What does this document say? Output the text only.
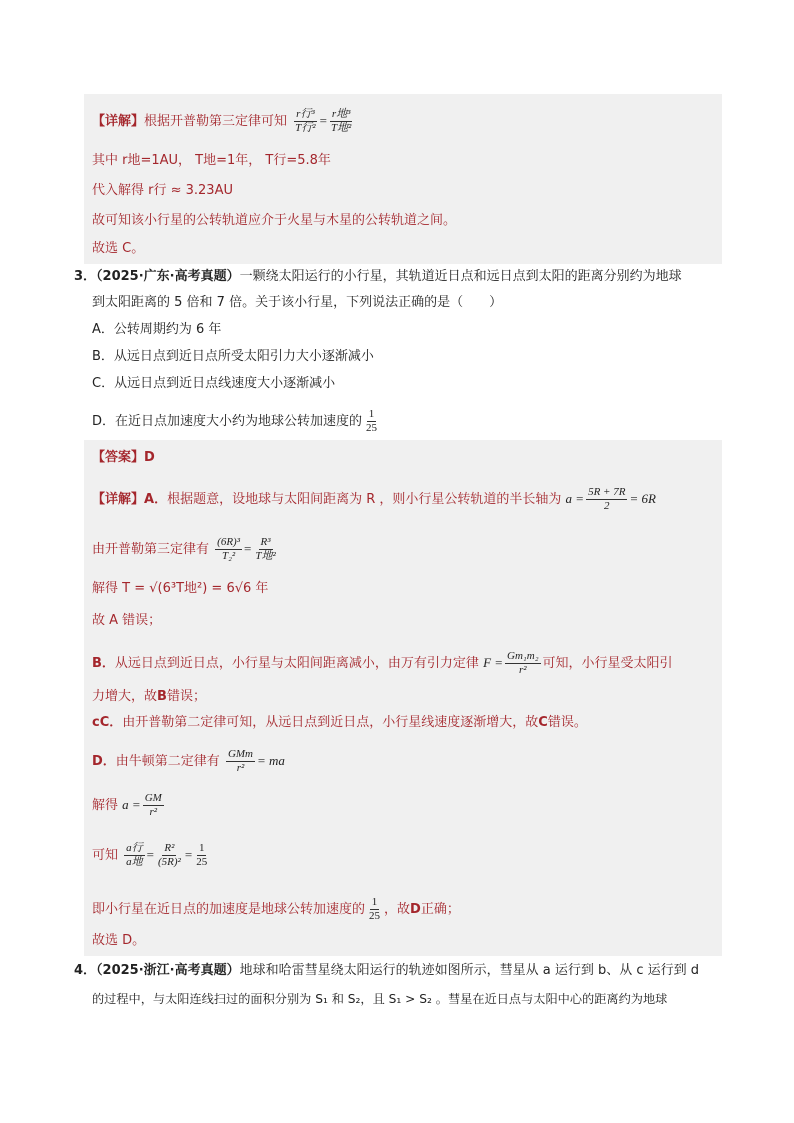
【详解】根据开普勒第三定律可知 $\frac{\text{r行³}}{\text{T行²}} = \frac{\text{r地³}}{\text{T地²}}$
其中 r地=1AU， T地=1年， T行=5.8年
代入解得 r行 ≈ 3.23AU
故可知该小行星的公转轨道应介于火星与木星的公转轨道之间。
故选 C。
3．（2025·广东·高考真题）一颗绕太阳运行的小行星，其轨道近日点和远日点到太阳的距离分别约为地球
到太阳距离的 5 倍和 7 倍。关于该小行星，下列说法正确的是（　　）
A．公转周期约为 6 年
B．从远日点到近日点所受太阳引力大小逐渐减小
C．从远日点到近日点线速度大小逐渐减小
D．在近日点加速度大小约为地球公转加速度的 $\frac{1}{25}$
【答案】D
【详解】A．根据题意，设地球与太阳间距离为 R ，则小行星公转轨道的半长轴为 $a = \frac{5R + 7R}{2} = 6R$
由开普勒第三定律有 $\frac{\text{(6R)³}}{\text{T₂²}} = \frac{\text{R³}}{\text{T地²}}$
解得 T = √(6³T地²) = 6√6 年
故 A 错误；
B．从远日点到近日点，小行星与太阳间距离减小，由万有引力定律 $F = \frac{\text{Gm₁m₂}}{\text{r²}}$ 可知，小行星受太阳引
力增大，故B错误；
cC．由开普勒第二定律可知，从远日点到近日点，小行星线速度逐渐增大，故C错误。
D．由牛顿第二定律有 $\frac{\text{GMm}}{\text{r²}}$ = ma
解得 $a = \frac{GM}{\text{r²}}$
可知 $\frac{\text{a行}}{\text{a地}} = \frac{\text{R²}}{\text{(5R)²}} = \frac{1}{25}$
即小行星在近日点的加速度是地球公转加速度的 $\frac{1}{25}$ ，故D正确；
故选 D。
4．（2025·浙江·高考真题）地球和哈雷彗星绕太阳运行的轨迹如图所示，彗星从 a 运行到 b、从 c 运行到 d
的过程中，与太阳连线扫过的面积分别为 S₁ 和 S₂，且 S₁ > S₂ 。彗星在近日点与太阳中心的距离约为地球
